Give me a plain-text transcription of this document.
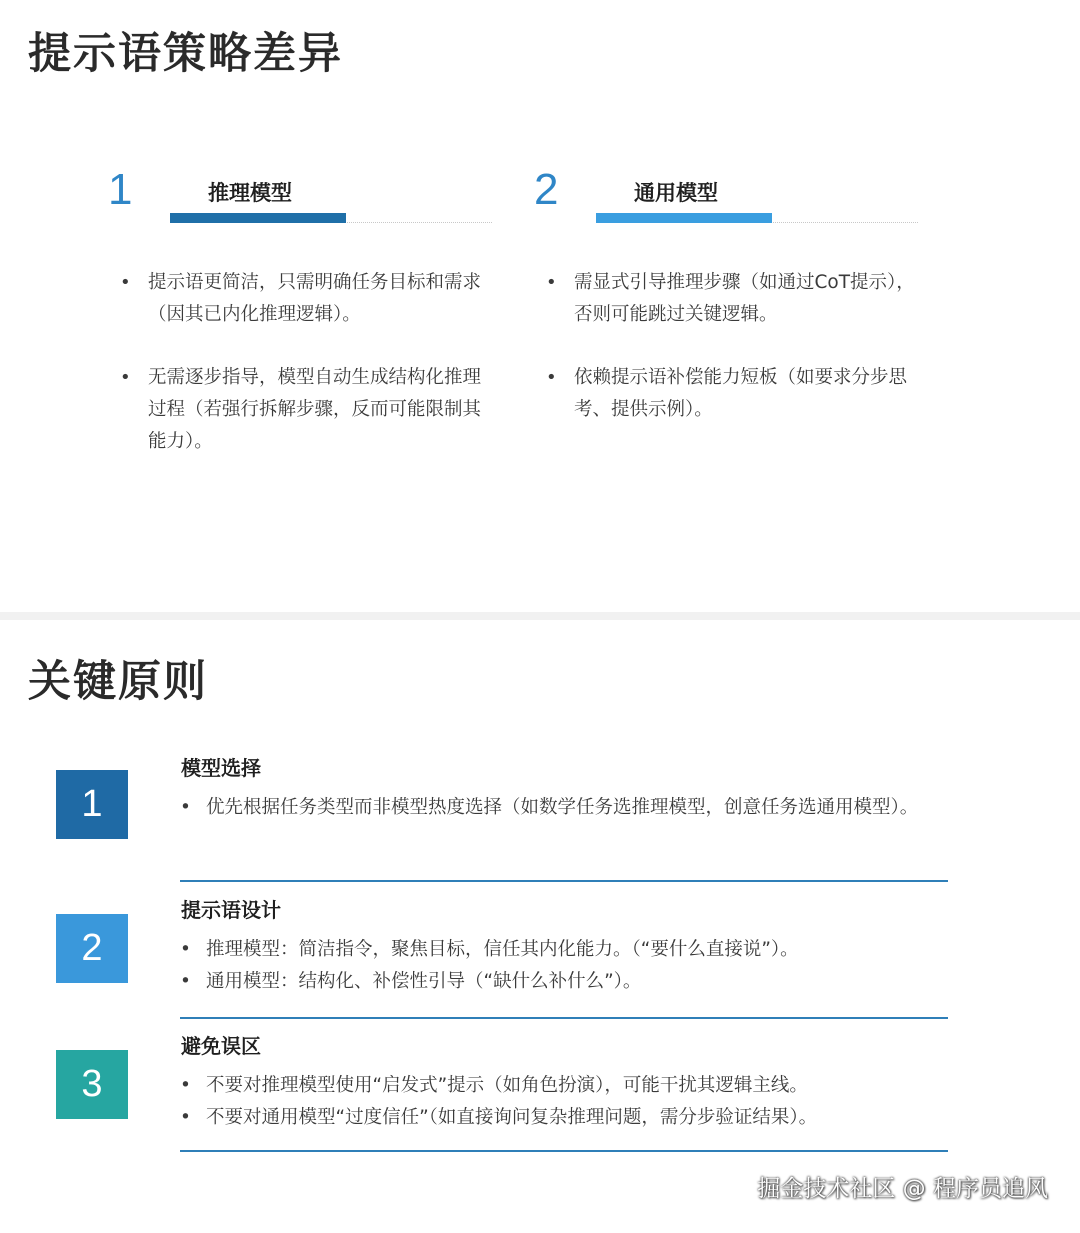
提示语策略差异
1	推理模型
• 提示语更简洁，只需明确任务目标和需求（因其已内化推理逻辑）。
• 无需逐步指导，模型自动生成结构化推理过程（若强行拆解步骤，反而可能限制其能力）。
2	通用模型
• 需显式引导推理步骤（如通过CoT提示），否则可能跳过关键逻辑。
• 依赖提示语补偿能力短板（如要求分步思考、提供示例）。
关键原则
1
模型选择
• 优先根据任务类型而非模型热度选择（如数学任务选推理模型，创意任务选通用模型）。
2
提示语设计
• 推理模型：简洁指令，聚焦目标，信任其内化能力。（“要什么直接说”）。
• 通用模型：结构化、补偿性引导（“缺什么补什么”）。
3
避免误区
• 不要对推理模型使用“启发式”提示（如角色扮演），可能干扰其逻辑主线。
• 不要对通用模型“过度信任”（如直接询问复杂推理问题，需分步验证结果）。
掘金技术社区 @ 程序员追风
